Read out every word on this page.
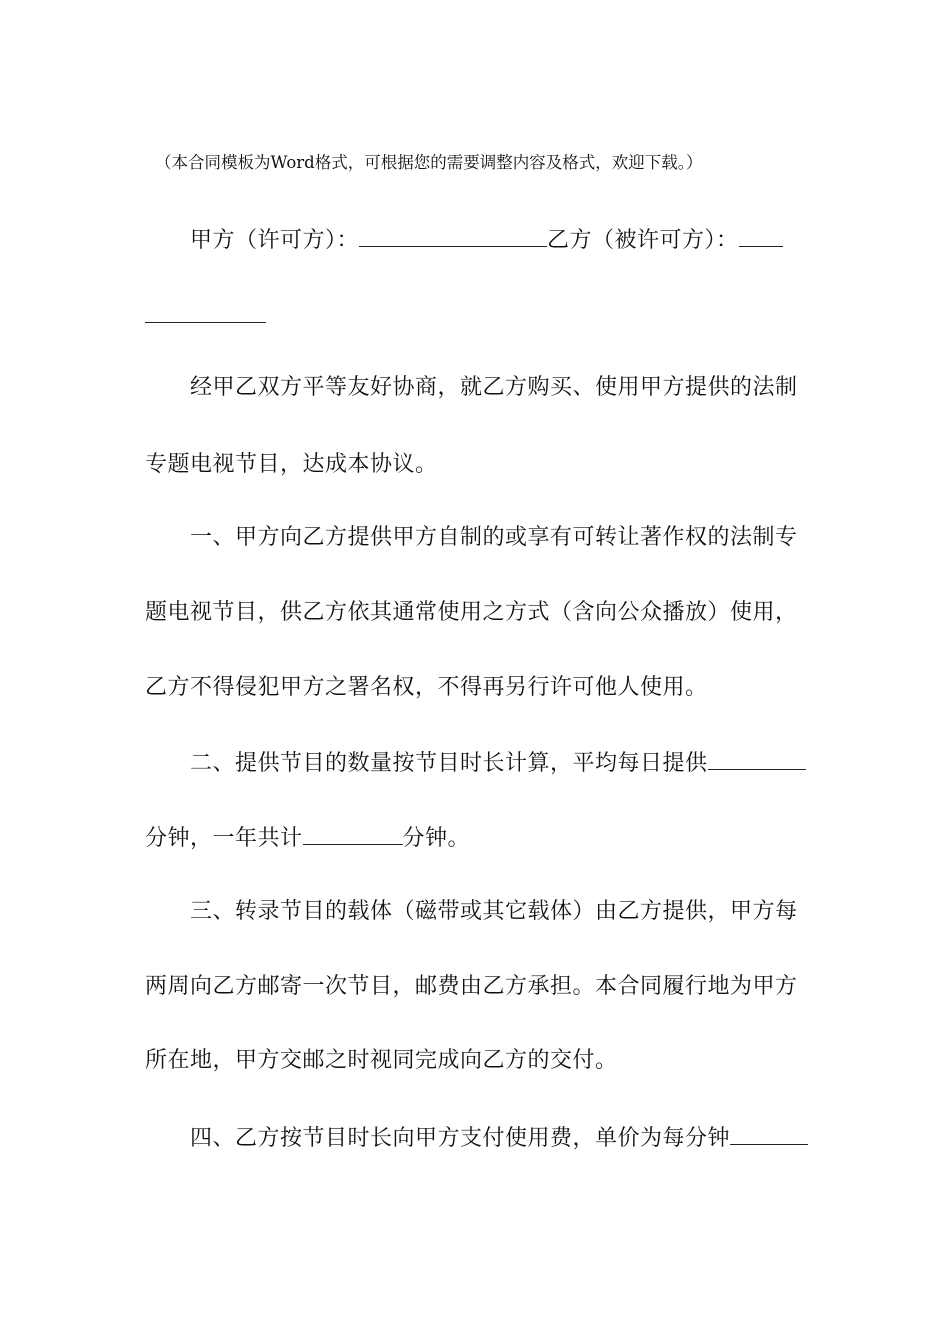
（本合同模板为Word格式，可根据您的需要调整内容及格式，欢迎下载。）
甲方（许可方）：	乙方（被许可方）：
经甲乙双方平等友好协商，就乙方购买、使用甲方提供的法制
专题电视节目，达成本协议。
一、甲方向乙方提供甲方自制的或享有可转让著作权的法制专
题电视节目，供乙方依其通常使用之方式（含向公众播放）使用，
乙方不得侵犯甲方之署名权，不得再另行许可他人使用。
二、提供节目的数量按节目时长计算，平均每日提供
分钟，一年共计	分钟。
三、转录节目的载体（磁带或其它载体）由乙方提供，甲方每
两周向乙方邮寄一次节目，邮费由乙方承担。本合同履行地为甲方
所在地，甲方交邮之时视同完成向乙方的交付。
四、乙方按节目时长向甲方支付使用费，单价为每分钟
